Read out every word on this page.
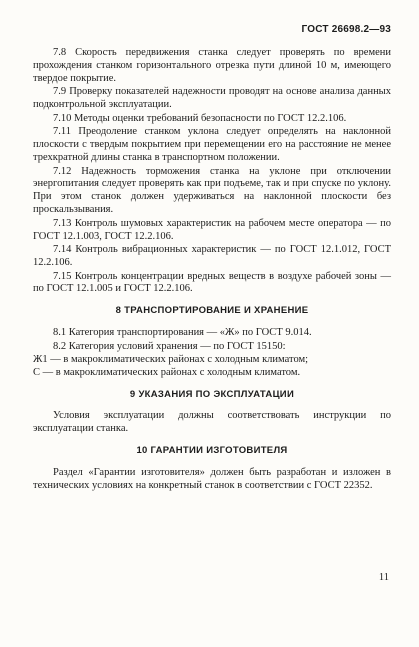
ГОСТ 26698.2—93

7.8 Скорость передвижения станка следует проверять по времени прохождения станком горизонтального отрезка пути длиной 10 м, имеющего твердое покрытие.

7.9 Проверку показателей надежности проводят на основе анализа данных подконтрольной эксплуатации.

7.10 Методы оценки требований безопасности по ГОСТ 12.2.106.

7.11 Преодоление станком уклона следует определять на наклонной плоскости с твердым покрытием при перемещении его на расстояние не менее трехкратной длины станка в транспортном положении.

7.12 Надежность торможения станка на уклоне при отключении энергопитания следует проверять как при подъеме, так и при спуске по уклону. При этом станок должен удерживаться на наклонной плоскости без проскальзывания.

7.13 Контроль шумовых характеристик на рабочем месте оператора — по ГОСТ 12.1.003, ГОСТ 12.2.106.

7.14 Контроль вибрационных характеристик — по ГОСТ 12.1.012, ГОСТ 12.2.106.

7.15 Контроль концентрации вредных веществ в воздухе рабочей зоны — по ГОСТ 12.1.005 и ГОСТ 12.2.106.

8 ТРАНСПОРТИРОВАНИЕ И ХРАНЕНИЕ

8.1 Категория транспортирования — «Ж» по ГОСТ 9.014.

8.2 Категория условий хранения — по ГОСТ 15150:

Ж1 — в макроклиматических районах с холодным климатом;

С — в макроклиматических районах с холодным климатом.

9 УКАЗАНИЯ ПО ЭКСПЛУАТАЦИИ

Условия эксплуатации должны соответствовать инструкции по эксплуатации станка.

10 ГАРАНТИИ ИЗГОТОВИТЕЛЯ

Раздел «Гарантии изготовителя» должен быть разработан и изложен в технических условиях на конкретный станок в соответствии с ГОСТ 22352.

11
